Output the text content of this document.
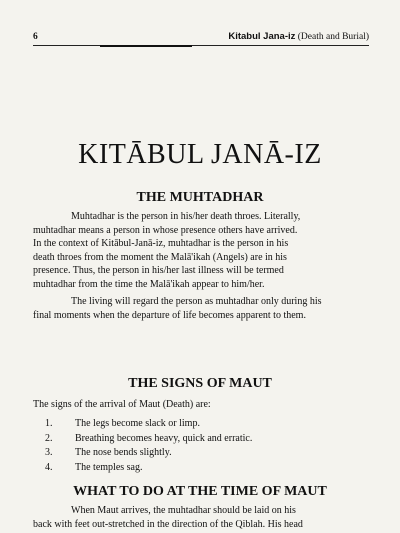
6	Kitabul Jana-iz (Death and Burial)
KITĀBUL JANĀ-IZ
THE MUHTADHAR
Muhtadhar is the person in his/her death throes. Literally,
muhtadhar means a person in whose presence others have arrived.
In the context of Kitābul-Janā-iz, muhtadhar is the person in his
death throes from the moment the Malā'ikah (Angels) are in his
presence. Thus, the person in his/her last illness will be termed
muhtadhar from the time the Malā'ikah appear to him/her.
The living will regard the person as muhtadhar only during his
final moments when the departure of life becomes apparent to them.
THE SIGNS OF MAUT
The signs of the arrival of Maut (Death) are:
1. The legs become slack or limp.
2. Breathing becomes heavy, quick and erratic.
3. The nose bends slightly.
4. The temples sag.
WHAT TO DO AT THE TIME OF MAUT
When Maut arrives, the muhtadhar should be laid on his
back with feet out-stretched in the direction of the Qiblah. His head
